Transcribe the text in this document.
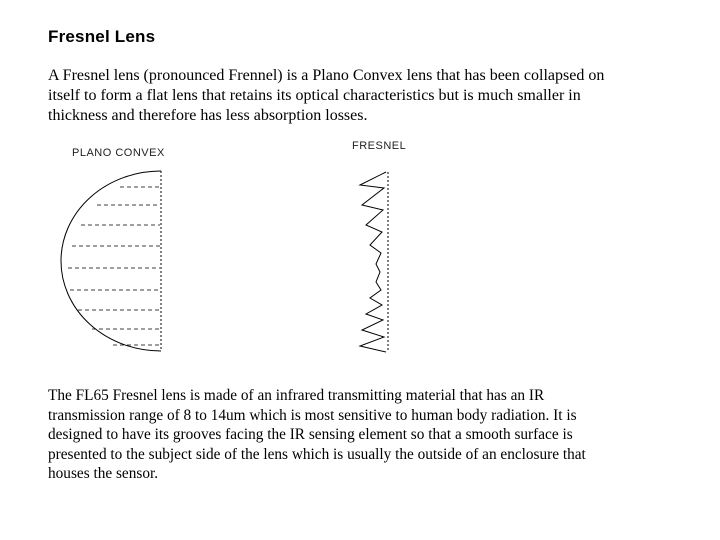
Fresnel Lens
A Fresnel lens (pronounced Frennel) is a Plano Convex lens that has been collapsed on
itself to form a flat lens that retains its optical characteristics but is much smaller in
thickness and therefore has less absorption losses.
PLANO CONVEX
FRESNEL
The FL65 Fresnel lens is made of an infrared transmitting material that has an IR
transmission range of 8 to 14um which is most sensitive to human body radiation. It is
designed to have its grooves facing the IR sensing element so that a smooth surface is
presented to the subject side of the lens which is usually the outside of an enclosure that
houses the sensor.
